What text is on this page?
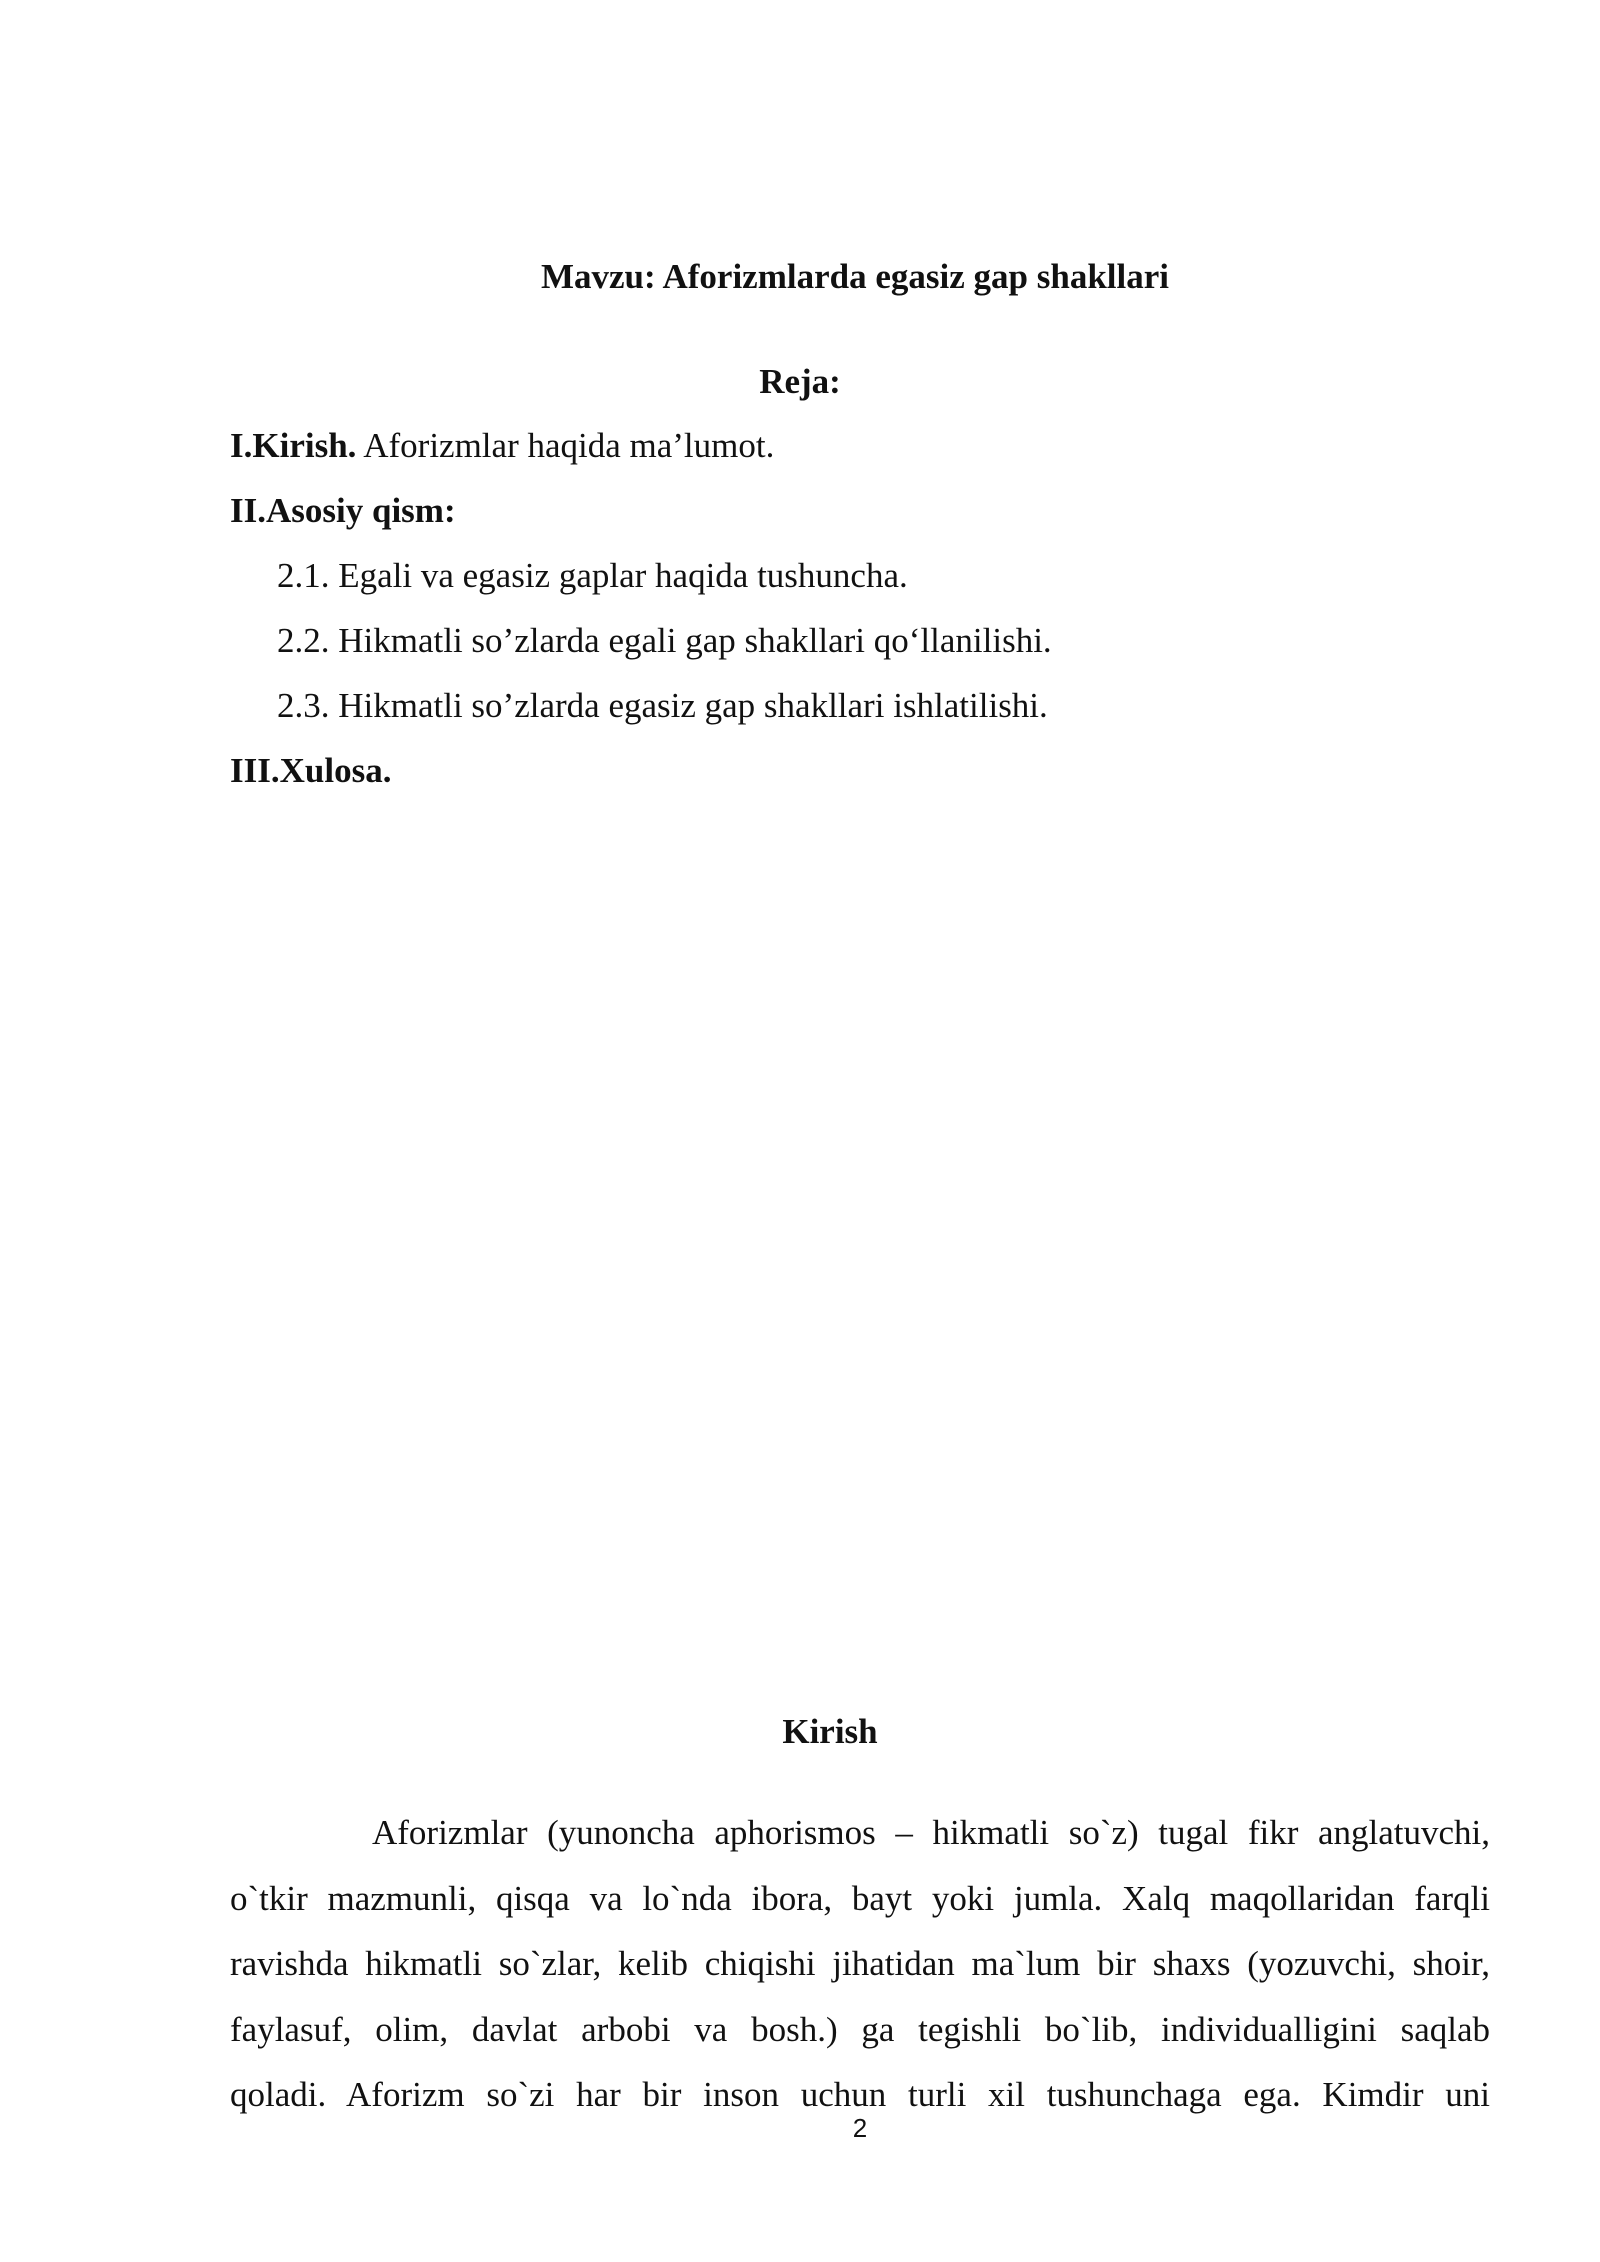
Mavzu: Aforizmlarda egasiz gap shakllari
Reja:
I.Kirish. Aforizmlar haqida ma’lumot.
II.Asosiy qism:
2.1. Egali va egasiz gaplar haqida tushuncha.
2.2. Hikmatli so’zlarda egali gap shakllari qo‘llanilishi.
2.3. Hikmatli so’zlarda egasiz gap shakllari ishlatilishi.
III.Xulosa.
Kirish
Aforizmlar (yunoncha aphorismos – hikmatli so`z) tugal fikr anglatuvchi,
o`tkir mazmunli, qisqa va lo`nda ibora, bayt yoki jumla. Xalq maqollaridan farqli
ravishda hikmatli so`zlar, kelib chiqishi jihatidan ma`lum bir shaxs (yozuvchi, shoir,
faylasuf, olim, davlat arbobi va bosh.) ga tegishli bo`lib, individualligini saqlab
qoladi. Aforizm so`zi har bir inson uchun turli xil tushunchaga ega. Kimdir uni
2
